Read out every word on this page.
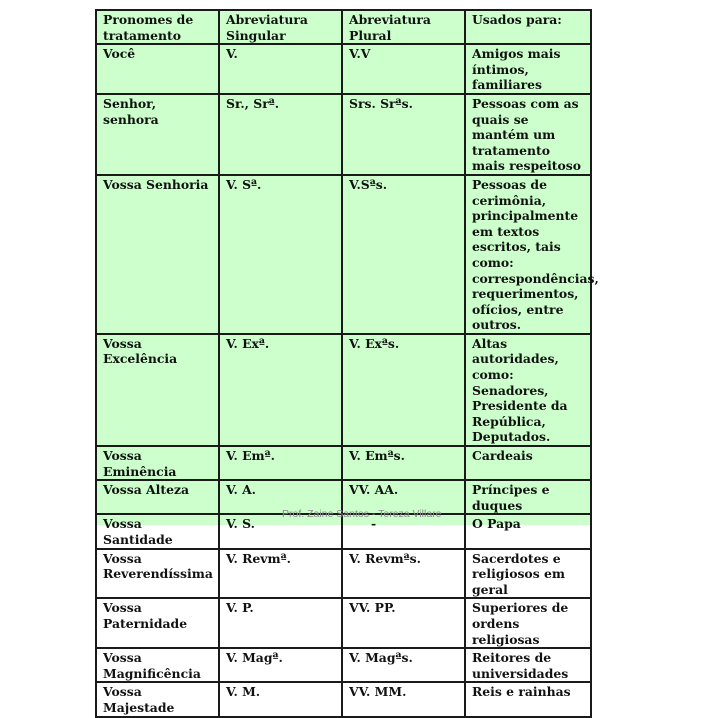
Pronomes de tratamento	Abreviatura Singular	Abreviatura Plural	Usados para:
Você	V.	V.V	Amigos mais íntimos, familiares
Senhor, senhora	Sr., Srª.	Srs. Srªs.	Pessoas com as quais se mantém um tratamento mais respeitoso
Vossa Senhoria	V. Sª.	V.Sªs.	Pessoas de cerimônia, principalmente em textos escritos, tais como: correspondências, requerimentos, ofícios, entre outros.
Vossa Excelência	V. Exª.	V. Exªs.	Altas autoridades, como: Senadores, Presidente da República, Deputados.
Vossa Eminência	V. Emª.	V. Emªs.	Cardeais
Vossa Alteza	V. A.	VV. AA.	Príncipes e duques
Vossa Santidade	V. S.	-	O Papa
Vossa Reverendíssima	V. Revmª.	V. Revmªs.	Sacerdotes e religiosos em geral
Vossa Paternidade	V. P.	VV. PP.	Superiores de ordens religiosas
Vossa Magnificência	V. Magª.	V. Magªs.	Reitores de universidades
Vossa Majestade	V. M.	VV. MM.	Reis e rainhas
Prof. Zaine Santos - Tereza Villare
